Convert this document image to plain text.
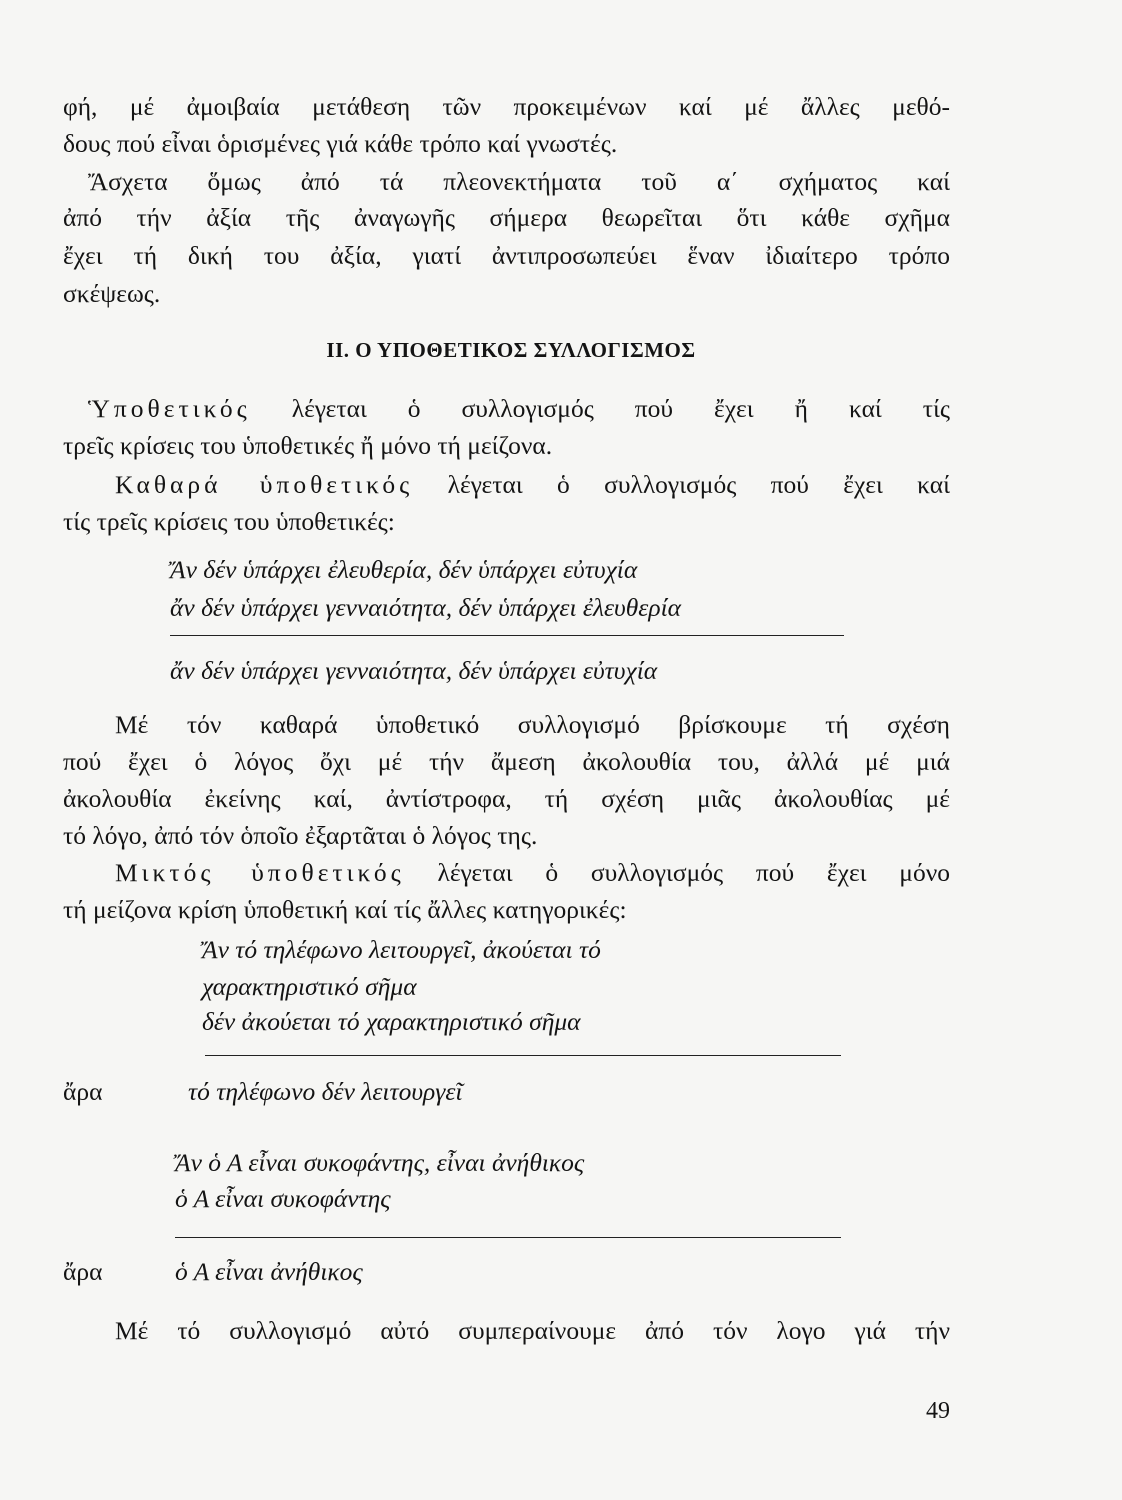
φή, μέ ἀμοιβαία μετάθεση τῶν προκειμένων καί μέ ἄλλες μεθό-
δους πού εἶναι ὁρισμένες γιά κάθε τρόπο καί γνωστές.
Ἄσχετα ὅμως ἀπό τά πλεονεκτήματα τοῦ α΄ σχήματος καί
ἀπό τήν ἀξία τῆς ἀναγωγῆς σήμερα θεωρεῖται ὅτι κάθε σχῆμα
ἔχει τή δική του ἀξία, γιατί ἀντιπροσωπεύει ἕναν ἰδιαίτερο τρόπο
σκέψεως.
II. Ο ΥΠΟΘΕΤΙΚΟΣ ΣΥΛΛΟΓΙΣΜΟΣ
Ὑποθετικός λέγεται ὁ συλλογισμός πού ἔχει ἤ καί τίς
τρεῖς κρίσεις του ὑποθετικές ἤ μόνο τή μείζονα.
Καθαρά ὑποθετικός λέγεται ὁ συλλογισμός πού ἔχει καί
τίς τρεῖς κρίσεις του ὑποθετικές:
Ἄν δέν ὑπάρχει ἐλευθερία, δέν ὑπάρχει εὐτυχία
ἄν δέν ὑπάρχει γενναιότητα, δέν ὑπάρχει ἐλευθερία
ἄν δέν ὑπάρχει γενναιότητα, δέν ὑπάρχει εὐτυχία
Μέ τόν καθαρά ὑποθετικό συλλογισμό βρίσκουμε τή σχέση
πού ἔχει ὁ λόγος ὄχι μέ τήν ἄμεση ἀκολουθία του, ἀλλά μέ μιά
ἀκολουθία ἐκείνης καί, ἀντίστροφα, τή σχέση μιᾶς ἀκολουθίας μέ
τό λόγο, ἀπό τόν ὁποῖο ἐξαρτᾶται ὁ λόγος της.
Μικτός ὑποθετικός λέγεται ὁ συλλογισμός πού ἔχει μόνο
τή μείζονα κρίση ὑποθετική καί τίς ἄλλες κατηγορικές:
Ἄν τό τηλέφωνο λειτουργεῖ, ἀκούεται τό
χαρακτηριστικό σῆμα
δέν ἀκούεται τό χαρακτηριστικό σῆμα
ἄρα	τό τηλέφωνο δέν λειτουργεῖ
Ἄν ὁ Α εἶναι συκοφάντης, εἶναι ἀνήθικος
ὁ Α εἶναι συκοφάντης
ἄρα	ὁ Α εἶναι ἀνήθικος
Μέ τό συλλογισμό αὐτό συμπεραίνουμε ἀπό τόν λογο γιά τήν
49
